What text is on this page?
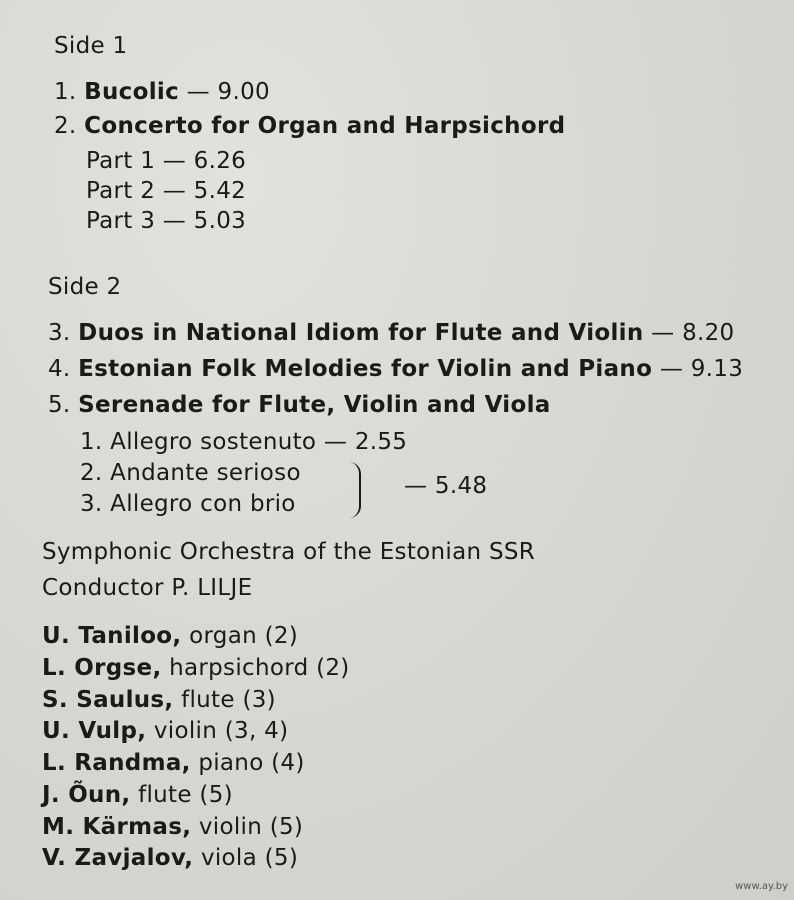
Side 1
1. Bucolic — 9.00
2. Concerto for Organ and Harpsichord
Part 1 — 6.26
Part 2 — 5.42
Part 3 — 5.03
Side 2
3. Duos in National Idiom for Flute and Violin — 8.20
4. Estonian Folk Melodies for Violin and Piano — 9.13
5. Serenade for Flute, Violin and Viola
1. Allegro sostenuto — 2.55
2. Andante serioso
3. Allegro con brio
— 5.48
Symphonic Orchestra of the Estonian SSR
Conductor P. LILJE
U. Taniloo, organ (2)
L. Orgse, harpsichord (2)
S. Saulus, flute (3)
U. Vulp, violin (3, 4)
L. Randma, piano (4)
J. Õun, flute (5)
M. Kärmas, violin (5)
V. Zavjalov, viola (5)
www.ay.by
